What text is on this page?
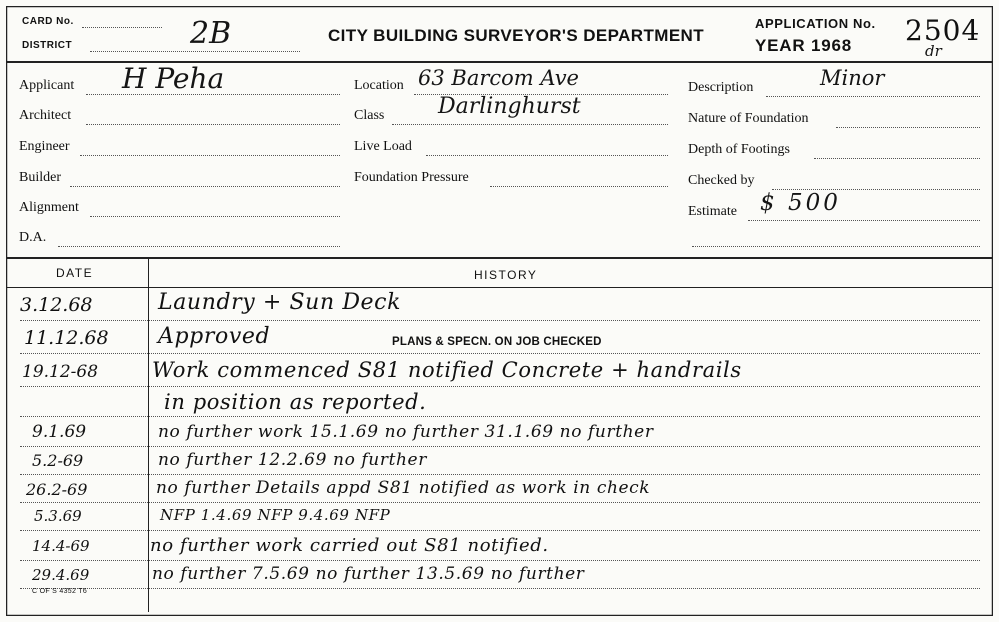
CARD No.
DISTRICT	2B	CITY BUILDING SURVEYOR'S DEPARTMENT
APPLICATION No. 2504
YEAR 1968	dr
Applicant H Peha
Architect
Engineer
Builder
Alignment
D.A.
Location 63 Barcom Ave
Class Darlinghurst
Live Load
Foundation Pressure
Description	Minor
Nature of Foundation
Depth of Footings
Checked by
Estimate $ 500
DATE	HISTORY
3.12.68	Laundry + Sun Deck
11.12.68 Approved	PLANS & SPECN. ON JOB CHECKED
19.12-68	Work commenced S81 notified Concrete + handrails
in position as reported.
9.1.69	no further work 15.1.69 no further 31.1.69 no further
5.2-69	no further 12.2.69 no further
26.2-69	no further Details appd S81 notified as work in check
5.3.69	NFP 1.4.69 NFP 9.4.69 NFP
14.4-69	no further work carried out S81 notified.
29.4.69	no further 7.5.69 no further 13.5.69 no further
C OF S 4352 T6
